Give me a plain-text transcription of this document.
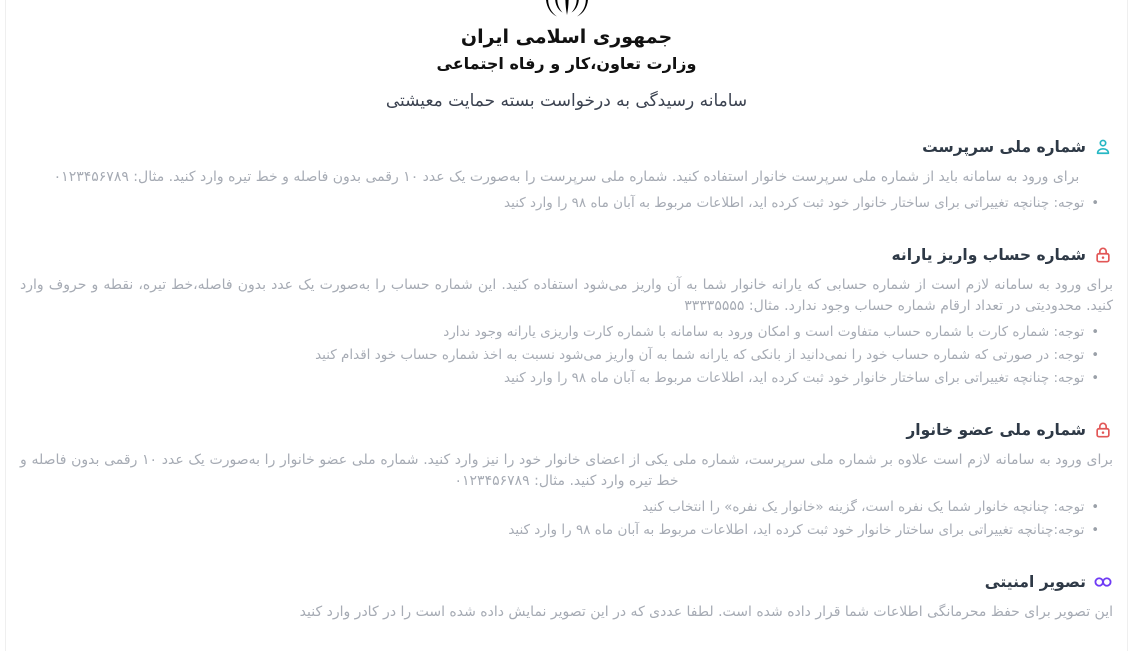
جمهوری اسلامی ایران
وزارت تعاون،کار و رفاه اجتماعی
سامانه رسیدگی به درخواست بسته حمایت معیشتی
شماره ملی سرپرست

برای ورود به سامانه باید از شماره ملی سرپرست خانوار استفاده کنید. شماره ملی سرپرست را به‌صورت یک عدد ۱۰ رقمی بدون فاصله و خط تیره وارد کنید. مثال: ۰۱۲۳۴۵۶۷۸۹

• توجه: چنانچه تغییراتی برای ساختار خانوار خود ثبت کرده اید، اطلاعات مربوط به آبان ماه ۹۸ را وارد کنید
شماره حساب واریز یارانه

برای ورود به سامانه لازم است از شماره حسابی که یارانه خانوار شما به آن واریز می‌شود استفاده کنید. این شماره حساب را به‌صورت یک عدد بدون فاصله،خط تیره، نقطه و حروف وارد کنید. محدودیتی در تعداد ارقام شماره حساب وجود ندارد. مثال: ۳۳۳۳۵۵۵۵

• توجه: شماره کارت با شماره حساب متفاوت است و امکان ورود به سامانه با شماره کارت واریزی یارانه وجود ندارد
• توجه: در صورتی که شماره حساب خود را نمی‌دانید از بانکی که یارانه شما به آن واریز می‌شود نسبت به اخذ شماره حساب خود اقدام کنید
• توجه: چنانچه تغییراتی برای ساختار خانوار خود ثبت کرده اید، اطلاعات مربوط به آبان ماه ۹۸ را وارد کنید
شماره ملی عضو خانوار

برای ورود به سامانه لازم است علاوه بر شماره ملی سرپرست، شماره ملی یکی از اعضای خانوار خود را نیز وارد کنید. شماره ملی عضو خانوار را به‌صورت یک عدد ۱۰ رقمی بدون فاصله و خط تیره وارد کنید. مثال: ۰۱۲۳۴۵۶۷۸۹

• توجه: چنانچه خانوار شما یک نفره است، گزینه «خانوار یک نفره» را انتخاب کنید
• توجه:چنانچه تغییراتی برای ساختار خانوار خود ثبت کرده اید، اطلاعات مربوط به آبان ماه ۹۸ را وارد کنید
تصویر امنیتی

این تصویر برای حفظ محرمانگی اطلاعات شما قرار داده شده است. لطفا عددی که در این تصویر نمایش داده شده است را در کادر وارد کنید
